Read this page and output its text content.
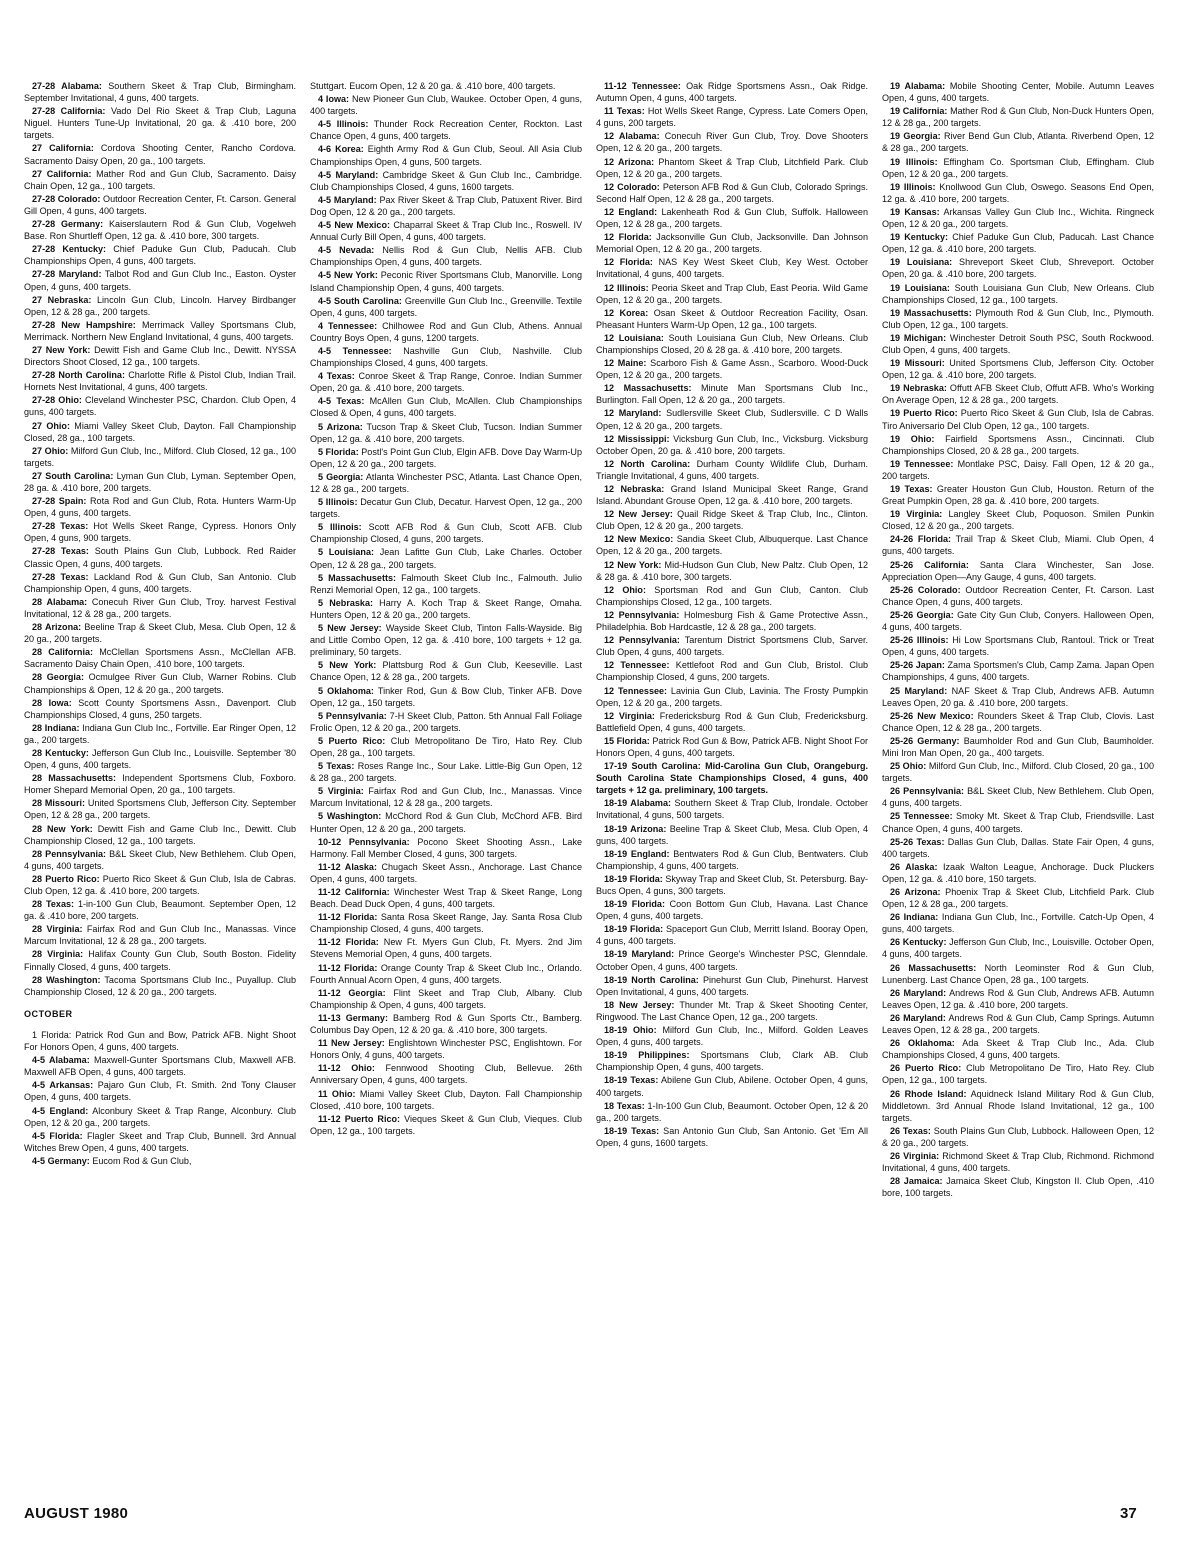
27-28 Alabama: Southern Skeet & Trap Club, Birmingham. September Invitational, 4 guns, 400 targets.

27-28 California: Vado Del Rio Skeet & Trap Club, Laguna Niguel. Hunters Tune-Up Invitational, 20 ga. & .410 bore, 200 targets.

27 California: Cordova Shooting Center, Rancho Cordova. Sacramento Daisy Open, 20 ga., 100 targets.

27 California: Mather Rod and Gun Club, Sacramento. Daisy Chain Open, 12 ga., 100 targets.

27-28 Colorado: Outdoor Recreation Center, Ft. Carson. General Gill Open, 4 guns, 400 targets.

27-28 Germany: Kaiserslautern Rod & Gun Club, Vogelweh Base. Ron Shurtleff Open, 12 ga. & .410 bore, 300 targets.

27-28 Kentucky: Chief Paduke Gun Club, Paducah. Club Championships Open, 4 guns, 400 targets.

27-28 Maryland: Talbot Rod and Gun Club Inc., Easton. Oyster Open, 4 guns, 400 targets.

27 Nebraska: Lincoln Gun Club, Lincoln. Harvey Birdbanger Open, 12 & 28 ga., 200 targets.

27-28 New Hampshire: Merrimack Valley Sportsmans Club, Merrimack. Northern New England Invitational, 4 guns, 400 targets.

27 New York: Dewitt Fish and Game Club Inc., Dewitt. NYSSA Directors Shoot Closed, 12 ga., 100 targets.

27-28 North Carolina: Charlotte Rifle & Pistol Club, Indian Trail. Hornets Nest Invitational, 4 guns, 400 targets.

27-28 Ohio: Cleveland Winchester PSC, Chardon. Club Open, 4 guns, 400 targets.

27 Ohio: Miami Valley Skeet Club, Dayton. Fall Championship Closed, 28 ga., 100 targets.

27 Ohio: Milford Gun Club, Inc., Milford. Club Closed, 12 ga., 100 targets.

27 South Carolina: Lyman Gun Club, Lyman. September Open, 28 ga. & .410 bore, 200 targets.

27-28 Spain: Rota Rod and Gun Club, Rota. Hunters Warm-Up Open, 4 guns, 400 targets.

27-28 Texas: Hot Wells Skeet Range, Cypress. Honors Only Open, 4 guns, 900 targets.

27-28 Texas: South Plains Gun Club, Lubbock. Red Raider Classic Open, 4 guns, 400 targets.

27-28 Texas: Lackland Rod & Gun Club, San Antonio. Club Championship Open, 4 guns, 400 targets.

28 Alabama: Conecuh River Gun Club, Troy. harvest Festival Invitational, 12 & 28 ga., 200 targets.

28 Arizona: Beeline Trap & Skeet Club, Mesa. Club Open, 12 & 20 ga., 200 targets.

28 California: McClellan Sportsmens Assn., McClellan AFB. Sacramento Daisy Chain Open, .410 bore, 100 targets.

28 Georgia: Ocmulgee River Gun Club, Warner Robins. Club Championships & Open, 12 & 20 ga., 200 targets.

28 Iowa: Scott County Sportsmens Assn., Davenport. Club Championships Closed, 4 guns, 250 targets.

28 Indiana: Indiana Gun Club Inc., Fortville. Ear Ringer Open, 12 ga., 200 targets.

28 Kentucky: Jefferson Gun Club Inc., Louisville. September '80 Open, 4 guns, 400 targets.

28 Massachusetts: Independent Sportsmens Club, Foxboro. Homer Shepard Memorial Open, 20 ga., 100 targets.

28 Missouri: United Sportsmens Club, Jefferson City. September Open, 12 & 28 ga., 200 targets.

28 New York: Dewitt Fish and Game Club Inc., Dewitt. Club Championship Closed, 12 ga., 100 targets.

28 Pennsylvania: B&L Skeet Club, New Bethlehem. Club Open, 4 guns, 400 targets.

28 Puerto Rico: Puerto Rico Skeet & Gun Club, Isla de Cabras. Club Open, 12 ga. & .410 bore, 200 targets.

28 Texas: 1-in-100 Gun Club, Beaumont. September Open, 12 ga. & .410 bore, 200 targets.

28 Virginia: Fairfax Rod and Gun Club Inc., Manassas. Vince Marcum Invitational, 12 & 28 ga., 200 targets.

28 Virginia: Halifax County Gun Club, South Boston. Fidelity Finnally Closed, 4 guns, 400 targets.

28 Washington: Tacoma Sportsmans Club Inc., Puyallup. Club Championship Closed, 12 & 20 ga., 200 targets.

OCTOBER

1 Florida: Patrick Rod Gun and Bow, Patrick AFB. Night Shoot For Honors Open, 4 guns, 400 targets.

4-5 Alabama: Maxwell-Gunter Sportsmans Club, Maxwell AFB. Maxwell AFB Open, 4 guns, 400 targets.

4-5 Arkansas: Pajaro Gun Club, Ft. Smith. 2nd Tony Clauser Open, 4 guns, 400 targets.

4-5 England: Alconbury Skeet & Trap Range, Alconbury. Club Open, 12 & 20 ga., 200 targets.

4-5 Florida: Flagler Skeet and Trap Club, Bunnell. 3rd Annual Witches Brew Open, 4 guns, 400 targets.

4-5 Germany: Eucom Rod & Gun Club,

Stuttgart. Eucom Open, 12 & 20 ga. & .410 bore, 400 targets.

4 Iowa: New Pioneer Gun Club, Waukee. October Open, 4 guns, 400 targets.

4-5 Illinois: Thunder Rock Recreation Center, Rockton. Last Chance Open, 4 guns, 400 targets.

4-6 Korea: Eighth Army Rod & Gun Club, Seoul. All Asia Club Championships Open, 4 guns, 500 targets.

4-5 Maryland: Cambridge Skeet & Gun Club Inc., Cambridge. Club Championships Closed, 4 guns, 1600 targets.

4-5 Maryland: Pax River Skeet & Trap Club, Patuxent River. Bird Dog Open, 12 & 20 ga., 200 targets.

4-5 New Mexico: Chaparral Skeet & Trap Club Inc., Roswell. IV Annual Curly Bill Open, 4 guns, 400 targets.

4-5 Nevada: Nellis Rod & Gun Club, Nellis AFB. Club Championships Open, 4 guns, 400 targets.

4-5 New York: Peconic River Sportsmans Club, Manorville. Long Island Championship Open, 4 guns, 400 targets.

4-5 South Carolina: Greenville Gun Club Inc., Greenville. Textile Open, 4 guns, 400 targets.

4 Tennessee: Chilhowee Rod and Gun Club, Athens. Annual Country Boys Open, 4 guns, 1200 targets.

4-5 Tennessee: Nashville Gun Club, Nashville. Club Championships Closed, 4 guns, 400 targets.

4 Texas: Conroe Skeet & Trap Range, Conroe. Indian Summer Open, 20 ga. & .410 bore, 200 targets.

4-5 Texas: McAllen Gun Club, McAllen. Club Championships Closed & Open, 4 guns, 400 targets.

5 Arizona: Tucson Trap & Skeet Club, Tucson. Indian Summer Open, 12 ga. & .410 bore, 200 targets.

5 Florida: Postl's Point Gun Club, Elgin AFB. Dove Day Warm-Up Open, 12 & 20 ga., 200 targets.

5 Georgia: Atlanta Winchester PSC, Atlanta. Last Chance Open, 12 & 28 ga., 200 targets.

5 Illinois: Decatur Gun Club, Decatur. Harvest Open, 12 ga., 200 targets.

5 Illinois: Scott AFB Rod & Gun Club, Scott AFB. Club Championship Closed, 4 guns, 200 targets.

5 Louisiana: Jean Lafitte Gun Club, Lake Charles. October Open, 12 & 28 ga., 200 targets.

5 Massachusetts: Falmouth Skeet Club Inc., Falmouth. Julio Renzi Memorial Open, 12 ga., 100 targets.

5 Nebraska: Harry A. Koch Trap & Skeet Range, Omaha. Hunters Open, 12 & 20 ga., 200 targets.

5 New Jersey: Wayside Skeet Club, Tinton Falls-Wayside. Big and Little Combo Open, 12 ga. & .410 bore, 100 targets + 12 ga. preliminary, 50 targets.

5 New York: Plattsburg Rod & Gun Club, Keeseville. Last Chance Open, 12 & 28 ga., 200 targets.

5 Oklahoma: Tinker Rod, Gun & Bow Club, Tinker AFB. Dove Open, 12 ga., 150 targets.

5 Pennsylvania: 7-H Skeet Club, Patton. 5th Annual Fall Foliage Frolic Open, 12 & 20 ga., 200 targets.

5 Puerto Rico: Club Metropolitano De Tiro, Hato Rey. Club Open, 28 ga., 100 targets.

5 Texas: Roses Range Inc., Sour Lake. Little-Big Gun Open, 12 & 28 ga., 200 targets.

5 Virginia: Fairfax Rod and Gun Club, Inc., Manassas. Vince Marcum Invitational, 12 & 28 ga., 200 targets.

5 Washington: McChord Rod & Gun Club, McChord AFB. Bird Hunter Open, 12 & 20 ga., 200 targets.

10-12 Pennsylvania: Pocono Skeet Shooting Assn., Lake Harmony. Fall Member Closed, 4 guns, 300 targets.

11-12 Alaska: Chugach Skeet Assn., Anchorage. Last Chance Open, 4 guns, 400 targets.

11-12 California: Winchester West Trap & Skeet Range, Long Beach. Dead Duck Open, 4 guns, 400 targets.

11-12 Florida: Santa Rosa Skeet Range, Jay. Santa Rosa Club Championship Closed, 4 guns, 400 targets.

11-12 Florida: New Ft. Myers Gun Club, Ft. Myers. 2nd Jim Stevens Memorial Open, 4 guns, 400 targets.

11-12 Florida: Orange County Trap & Skeet Club Inc., Orlando. Fourth Annual Acorn Open, 4 guns, 400 targets.

11-12 Georgia: Flint Skeet and Trap Club, Albany. Club Championship & Open, 4 guns, 400 targets.

11-13 Germany: Bamberg Rod & Gun Sports Ctr., Bamberg. Columbus Day Open, 12 & 20 ga. & .410 bore, 300 targets.

11 New Jersey: Englishtown Winchester PSC, Englishtown. For Honors Only, 4 guns, 400 targets.

11-12 Ohio: Fennwood Shooting Club, Bellevue. 26th Anniversary Open, 4 guns, 400 targets.

11 Ohio: Miami Valley Skeet Club, Dayton. Fall Championship Closed, .410 bore, 100 targets.

11-12 Puerto Rico: Vieques Skeet & Gun Club, Vieques. Club Open, 12 ga., 100 targets.

11-12 Tennessee: Oak Ridge Sportsmens Assn., Oak Ridge. Autumn Open, 4 guns, 400 targets.

11 Texas: Hot Wells Skeet Range, Cypress. Late Comers Open, 4 guns, 200 targets.

12 Alabama: Conecuh River Gun Club, Troy. Dove Shooters Open, 12 & 20 ga., 200 targets.

12 Arizona: Phantom Skeet & Trap Club, Litchfield Park. Club Open, 12 & 20 ga., 200 targets.

12 Colorado: Peterson AFB Rod & Gun Club, Colorado Springs. Second Half Open, 12 & 28 ga., 200 targets.

12 England: Lakenheath Rod & Gun Club, Suffolk. Halloween Open, 12 & 28 ga., 200 targets.

12 Florida: Jacksonville Gun Club, Jacksonville. Dan Johnson Memorial Open, 12 & 20 ga., 200 targets.

12 Florida: NAS Key West Skeet Club, Key West. October Invitational, 4 guns, 400 targets.

12 Illinois: Peoria Skeet and Trap Club, East Peoria. Wild Game Open, 12 & 20 ga., 200 targets.

12 Korea: Osan Skeet & Outdoor Recreation Facility, Osan. Pheasant Hunters Warm-Up Open, 12 ga., 100 targets.

12 Louisiana: South Louisiana Gun Club, New Orleans. Club Championships Closed, 20 & 28 ga. & .410 bore, 200 targets.

12 Maine: Scarboro Fish & Game Assn., Scarboro. Wood-Duck Open, 12 & 20 ga., 200 targets.

12 Massachusetts: Minute Man Sportsmans Club Inc., Burlington. Fall Open, 12 & 20 ga., 200 targets.

12 Maryland: Sudlersville Skeet Club, Sudlersville. C D Walls Open, 12 & 20 ga., 200 targets.

12 Mississippi: Vicksburg Gun Club, Inc., Vicksburg. Vicksburg October Open, 20 ga. & .410 bore, 200 targets.

12 North Carolina: Durham County Wildlife Club, Durham. Triangle Invitational, 4 guns, 400 targets.

12 Nebraska: Grand Island Municipal Skeet Range, Grand Island. Abundant Grouse Open, 12 ga. & .410 bore, 200 targets.

12 New Jersey: Quail Ridge Skeet & Trap Club, Inc., Clinton. Club Open, 12 & 20 ga., 200 targets.

12 New Mexico: Sandia Skeet Club, Albuquerque. Last Chance Open, 12 & 20 ga., 200 targets.

12 New York: Mid-Hudson Gun Club, New Paltz. Club Open, 12 & 28 ga. & .410 bore, 300 targets.

12 Ohio: Sportsman Rod and Gun Club, Canton. Club Championships Closed, 12 ga., 100 targets.

12 Pennsylvania: Holmesburg Fish & Game Protective Assn., Philadelphia. Bob Hardcastle, 12 & 28 ga., 200 targets.

12 Pennsylvania: Tarentum District Sportsmens Club, Sarver. Club Open, 4 guns, 400 targets.

12 Tennessee: Kettlefoot Rod and Gun Club, Bristol. Club Championship Closed, 4 guns, 200 targets.

12 Tennessee: Lavinia Gun Club, Lavinia. The Frosty Pumpkin Open, 12 & 20 ga., 200 targets.

12 Virginia: Fredericksburg Rod & Gun Club, Fredericksburg. Battlefield Open, 4 guns, 400 targets.

15 Florida: Patrick Rod Gun & Bow, Patrick AFB. Night Shoot For Honors Open, 4 guns, 400 targets.

17-19 South Carolina: Mid-Carolina Gun Club, Orangeburg. South Carolina State Championships Closed, 4 guns, 400 targets + 12 ga. preliminary, 100 targets.

18-19 Alabama: Southern Skeet & Trap Club, Irondale. October Invitational, 4 guns, 500 targets.

18-19 Arizona: Beeline Trap & Skeet Club, Mesa. Club Open, 4 guns, 400 targets.

18-19 England: Bentwaters Rod & Gun Club, Bentwaters. Club Championship, 4 guns, 400 targets.

18-19 Florida: Skyway Trap and Skeet Club, St. Petersburg. Bay-Bucs Open, 4 guns, 300 targets.

18-19 Florida: Coon Bottom Gun Club, Havana. Last Chance Open, 4 guns, 400 targets.

18-19 Florida: Spaceport Gun Club, Merritt Island. Booray Open, 4 guns, 400 targets.

18-19 Maryland: Prince George's Winchester PSC, Glenndale. October Open, 4 guns, 400 targets.

18-19 North Carolina: Pinehurst Gun Club, Pinehurst. Harvest Open Invitational, 4 guns, 400 targets.

18 New Jersey: Thunder Mt. Trap & Skeet Shooting Center, Ringwood. The Last Chance Open, 12 ga., 200 targets.

18-19 Ohio: Milford Gun Club, Inc., Milford. Golden Leaves Open, 4 guns, 400 targets.

18-19 Philippines: Sportsmans Club, Clark AB. Club Championship Open, 4 guns, 400 targets.

18-19 Texas: Abilene Gun Club, Abilene. October Open, 4 guns, 400 targets.

18 Texas: 1-In-100 Gun Club, Beaumont. October Open, 12 & 20 ga., 200 targets.

18-19 Texas: San Antonio Gun Club, San Antonio. Get 'Em All Open, 4 guns, 1600 targets.

19 Alabama: Mobile Shooting Center, Mobile. Autumn Leaves Open, 4 guns, 400 targets.

19 California: Mather Rod & Gun Club, Non-Duck Hunters Open, 12 & 28 ga., 200 targets.

19 Georgia: River Bend Gun Club, Atlanta. Riverbend Open, 12 & 28 ga., 200 targets.

19 Illinois: Effingham Co. Sportsman Club, Effingham. Club Open, 12 & 20 ga., 200 targets.

19 Illinois: Knollwood Gun Club, Oswego. Seasons End Open, 12 ga. & .410 bore, 200 targets.

19 Kansas: Arkansas Valley Gun Club Inc., Wichita. Ringneck Open, 12 & 20 ga., 200 targets.

19 Kentucky: Chief Paduke Gun Club, Paducah. Last Chance Open, 12 ga. & .410 bore, 200 targets.

19 Louisiana: Shreveport Skeet Club, Shreveport. October Open, 20 ga. & .410 bore, 200 targets.

19 Louisiana: South Louisiana Gun Club, New Orleans. Club Championships Closed, 12 ga., 100 targets.

19 Massachusetts: Plymouth Rod & Gun Club, Inc., Plymouth. Club Open, 12 ga., 100 targets.

19 Michigan: Winchester Detroit South PSC, South Rockwood. Club Open, 4 guns, 400 targets.

19 Missouri: United Sportsmens Club, Jefferson City. October Open, 12 ga. & .410 bore, 200 targets.

19 Nebraska: Offutt AFB Skeet Club, Offutt AFB. Who's Working On Average Open, 12 & 28 ga., 200 targets.

19 Puerto Rico: Puerto Rico Skeet & Gun Club, Isla de Cabras. Tiro Aniversario Del Club Open, 12 ga., 100 targets.

19 Ohio: Fairfield Sportsmens Assn., Cincinnati. Club Championships Closed, 20 & 28 ga., 200 targets.

19 Tennessee: Montlake PSC, Daisy. Fall Open, 12 & 20 ga., 200 targets.

19 Texas: Greater Houston Gun Club, Houston. Return of the Great Pumpkin Open, 28 ga. & .410 bore, 200 targets.

19 Virginia: Langley Skeet Club, Poquoson. Smilen Punkin Closed, 12 & 20 ga., 200 targets.

24-26 Florida: Trail Trap & Skeet Club, Miami. Club Open, 4 guns, 400 targets.

25-26 California: Santa Clara Winchester, San Jose. Appreciation Open—Any Gauge, 4 guns, 400 targets.

25-26 Colorado: Outdoor Recreation Center, Ft. Carson. Last Chance Open, 4 guns, 400 targets.

25-26 Georgia: Gate City Gun Club, Conyers. Halloween Open, 4 guns, 400 targets.

25-26 Illinois: Hi Low Sportsmans Club, Rantoul. Trick or Treat Open, 4 guns, 400 targets.

25-26 Japan: Zama Sportsmen's Club, Camp Zama. Japan Open Championships, 4 guns, 400 targets.

25 Maryland: NAF Skeet & Trap Club, Andrews AFB. Autumn Leaves Open, 20 ga. & .410 bore, 200 targets.

25-26 New Mexico: Rounders Skeet & Trap Club, Clovis. Last Chance Open, 12 & 28 ga., 200 targets.

25-26 Germany: Baumholder Rod and Gun Club, Baumholder. Mini Iron Man Open, 20 ga., 400 targets.

25 Ohio: Milford Gun Club, Inc., Milford. Club Closed, 20 ga., 100 targets.

26 Pennsylvania: B&L Skeet Club, New Bethlehem. Club Open, 4 guns, 400 targets.

25 Tennessee: Smoky Mt. Skeet & Trap Club, Friendsville. Last Chance Open, 4 guns, 400 targets.

25-26 Texas: Dallas Gun Club, Dallas. State Fair Open, 4 guns, 400 targets.

26 Alaska: Izaak Walton League, Anchorage. Duck Pluckers Open, 12 ga. & .410 bore, 150 targets.

26 Arizona: Phoenix Trap & Skeet Club, Litchfield Park. Club Open, 12 & 28 ga., 200 targets.

26 Indiana: Indiana Gun Club, Inc., Fortville. Catch-Up Open, 4 guns, 400 targets.

26 Kentucky: Jefferson Gun Club, Inc., Louisville. October Open, 4 guns, 400 targets.

26 Massachusetts: North Leominster Rod & Gun Club, Lunenberg. Last Chance Open, 28 ga., 100 targets.

26 Maryland: Andrews Rod & Gun Club, Andrews AFB. Autumn Leaves Open, 12 ga. & .410 bore, 200 targets.

26 Maryland: Andrews Rod & Gun Club, Camp Springs. Autumn Leaves Open, 12 & 28 ga., 200 targets.

26 Oklahoma: Ada Skeet & Trap Club Inc., Ada. Club Championships Closed, 4 guns, 400 targets.

26 Puerto Rico: Club Metropolitano De Tiro, Hato Rey. Club Open, 12 ga., 100 targets.

26 Rhode Island: Aquidneck Island Military Rod & Gun Club, Middletown. 3rd Annual Rhode Island Invitational, 12 ga., 100 targets.

26 Texas: South Plains Gun Club, Lubbock. Halloween Open, 12 & 20 ga., 200 targets.

26 Virginia: Richmond Skeet & Trap Club, Richmond. Richmond Invitational, 4 guns, 400 targets.

28 Jamaica: Jamaica Skeet Club, Kingston II. Club Open, .410 bore, 100 targets.

AUGUST 1980	37
